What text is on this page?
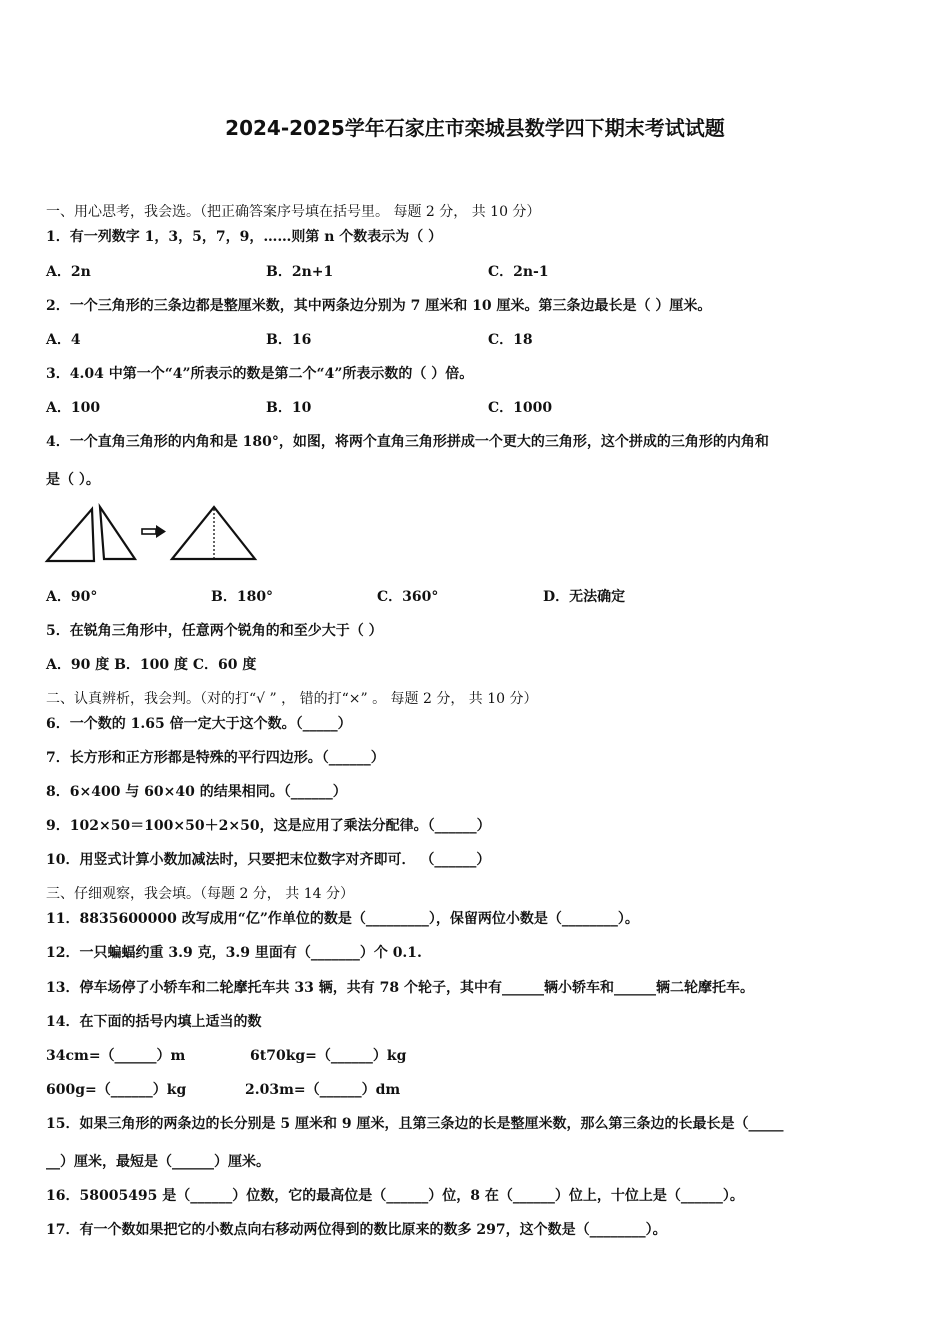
2024-2025学年石家庄市栾城县数学四下期末考试试题
一、用心思考，我会选。（把正确答案序号填在括号里。 每题 2 分， 共 10 分）
1．有一列数字 1，3，5，7，9，……则第 n 个数表示为（ ）
A．2n	B．2n+1	C．2n-1
2．一个三角形的三条边都是整厘米数，其中两条边分别为 7 厘米和 10 厘米。第三条边最长是（ ）厘米。
A．4	B．16	C．18
3．4.04 中第一个“4”所表示的数是第二个“4”所表示数的（ ）倍。
A．100	B．10	C．1000
4．一个直角三角形的内角和是 180°，如图，将两个直角三角形拼成一个更大的三角形，这个拼成的三角形的内角和
是（ ）。
A．90°	B．180°	C．360°	D．无法确定
5．在锐角三角形中，任意两个锐角的和至少大于（ ）
A．90 度 B．100 度 C．60 度
二、认真辨析，我会判。（对的打“√ ” ， 错的打“×” 。 每题 2 分， 共 10 分）
6．一个数的 1.65 倍一定大于这个数。（_____）
7．长方形和正方形都是特殊的平行四边形。（______）
8．6×400 与 60×40 的结果相同。（______）
9．102×50＝100×50＋2×50，这是应用了乘法分配律。（______）
10．用竖式计算小数加减法时，只要把末位数字对齐即可． （______）
三、仔细观察，我会填。（每题 2 分， 共 14 分）
11．8835600000 改写成用“亿”作单位的数是（_________），保留两位小数是（________）。
12．一只蝙蝠约重 3.9 克，3.9 里面有（_______）个 0.1.
13．停车场停了小轿车和二轮摩托车共 33 辆，共有 78 个轮子，其中有______辆小轿车和______辆二轮摩托车。
14．在下面的括号内填上适当的数
34cm=（______）m	6t70kg=（______）kg
600g=（______）kg	2.03m=（______）dm
15．如果三角形的两条边的长分别是 5 厘米和 9 厘米，且第三条边的长是整厘米数，那么第三条边的长最长是（_____
__）厘米，最短是（______）厘米。
16．58005495 是（______）位数，它的最高位是（______）位，8 在（______）位上，十位上是（______）。
17．有一个数如果把它的小数点向右移动两位得到的数比原来的数多 297，这个数是（________）。
